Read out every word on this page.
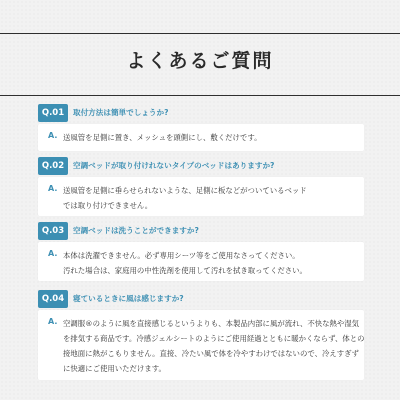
よくあるご質問
Q.01	取付方法は簡単でしょうか?
A. 送風管を足側に置き、メッシュを頭側にし、敷くだけです。
Q.02	空調ベッドが取り付けれないタイプのベッドはありますか?
A. 送風管を足側に垂らせられないような、足側に板などがついているベッド
では取り付けできません。
Q.03	空調ベッドは洗うことができますか?
A. 本体は洗濯できません。必ず専用シーツ等をご使用なさってください。
汚れた場合は、家庭用の中性洗剤を使用して汚れを拭き取ってください。
Q.04	寝ているときに風は感じますか?
A. 空調服®のように風を直接感じるというよりも、本製品内部に風が流れ、不快な熱や湿気
を排気する商品です。冷感ジェルシートのようにご使用経過とともに暖かくならず、体との
接地面に熱がこもりません。直接、冷たい風で体を冷やすわけではないので、冷えすぎず
に快適にご使用いただけます。
